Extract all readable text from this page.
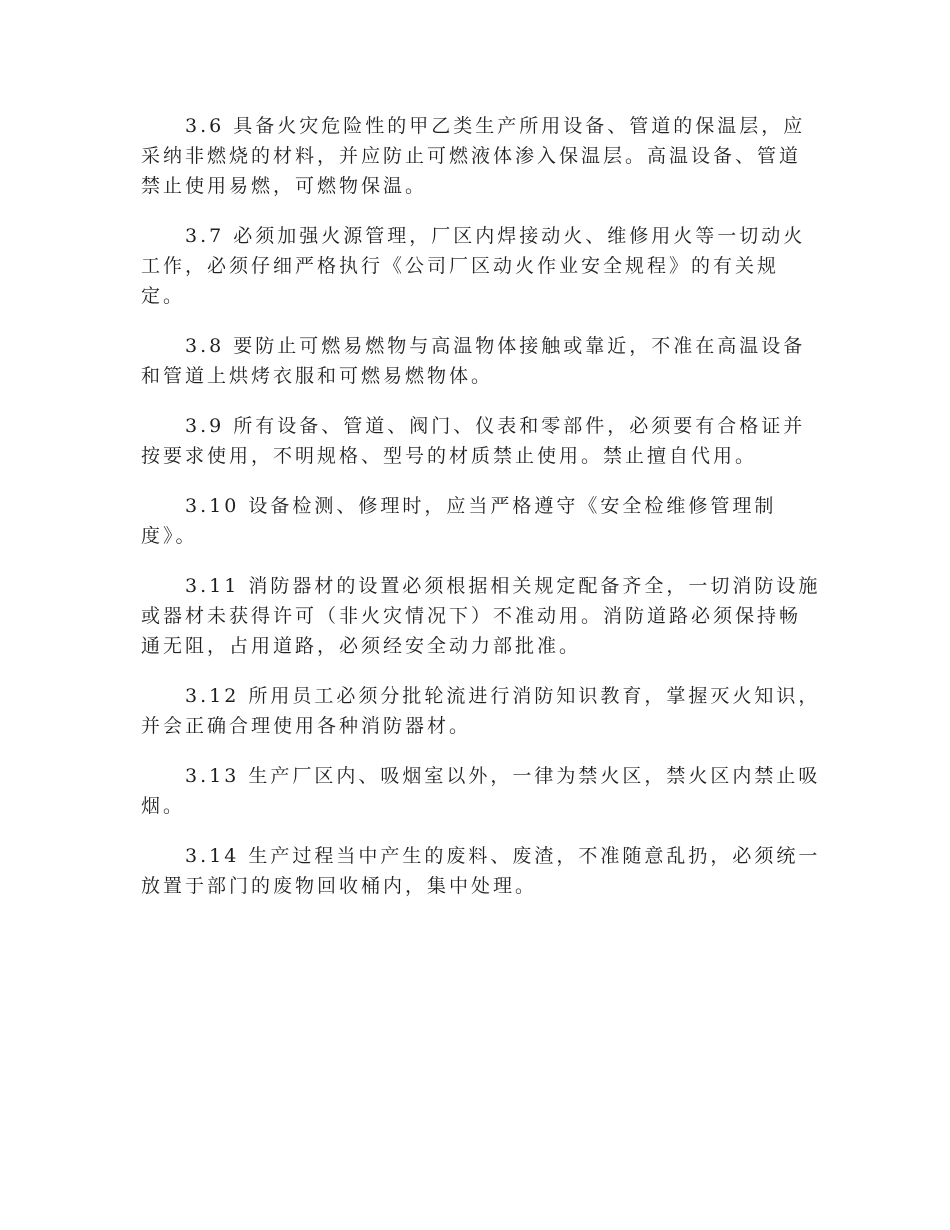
3.6 具备火灾危险性的甲乙类生产所用设备、管道的保温层，应
采纳非燃烧的材料，并应防止可燃液体渗入保温层。高温设备、管道
禁止使用易燃，可燃物保温。

3.7 必须加强火源管理，厂区内焊接动火、维修用火等一切动火
工作，必须仔细严格执行《公司厂区动火作业安全规程》的有关规
定。

3.8 要防止可燃易燃物与高温物体接触或靠近，不准在高温设备
和管道上烘烤衣服和可燃易燃物体。

3.9 所有设备、管道、阀门、仪表和零部件，必须要有合格证并
按要求使用，不明规格、型号的材质禁止使用。禁止擅自代用。

3.10 设备检测、修理时，应当严格遵守《安全检维修管理制
度》。

3.11 消防器材的设置必须根据相关规定配备齐全，一切消防设施
或器材未获得许可（非火灾情况下）不准动用。消防道路必须保持畅
通无阻，占用道路，必须经安全动力部批准。

3.12 所用员工必须分批轮流进行消防知识教育，掌握灭火知识，
并会正确合理使用各种消防器材。

3.13 生产厂区内、吸烟室以外，一律为禁火区，禁火区内禁止吸
烟。

3.14 生产过程当中产生的废料、废渣，不准随意乱扔，必须统一
放置于部门的废物回收桶内，集中处理。
